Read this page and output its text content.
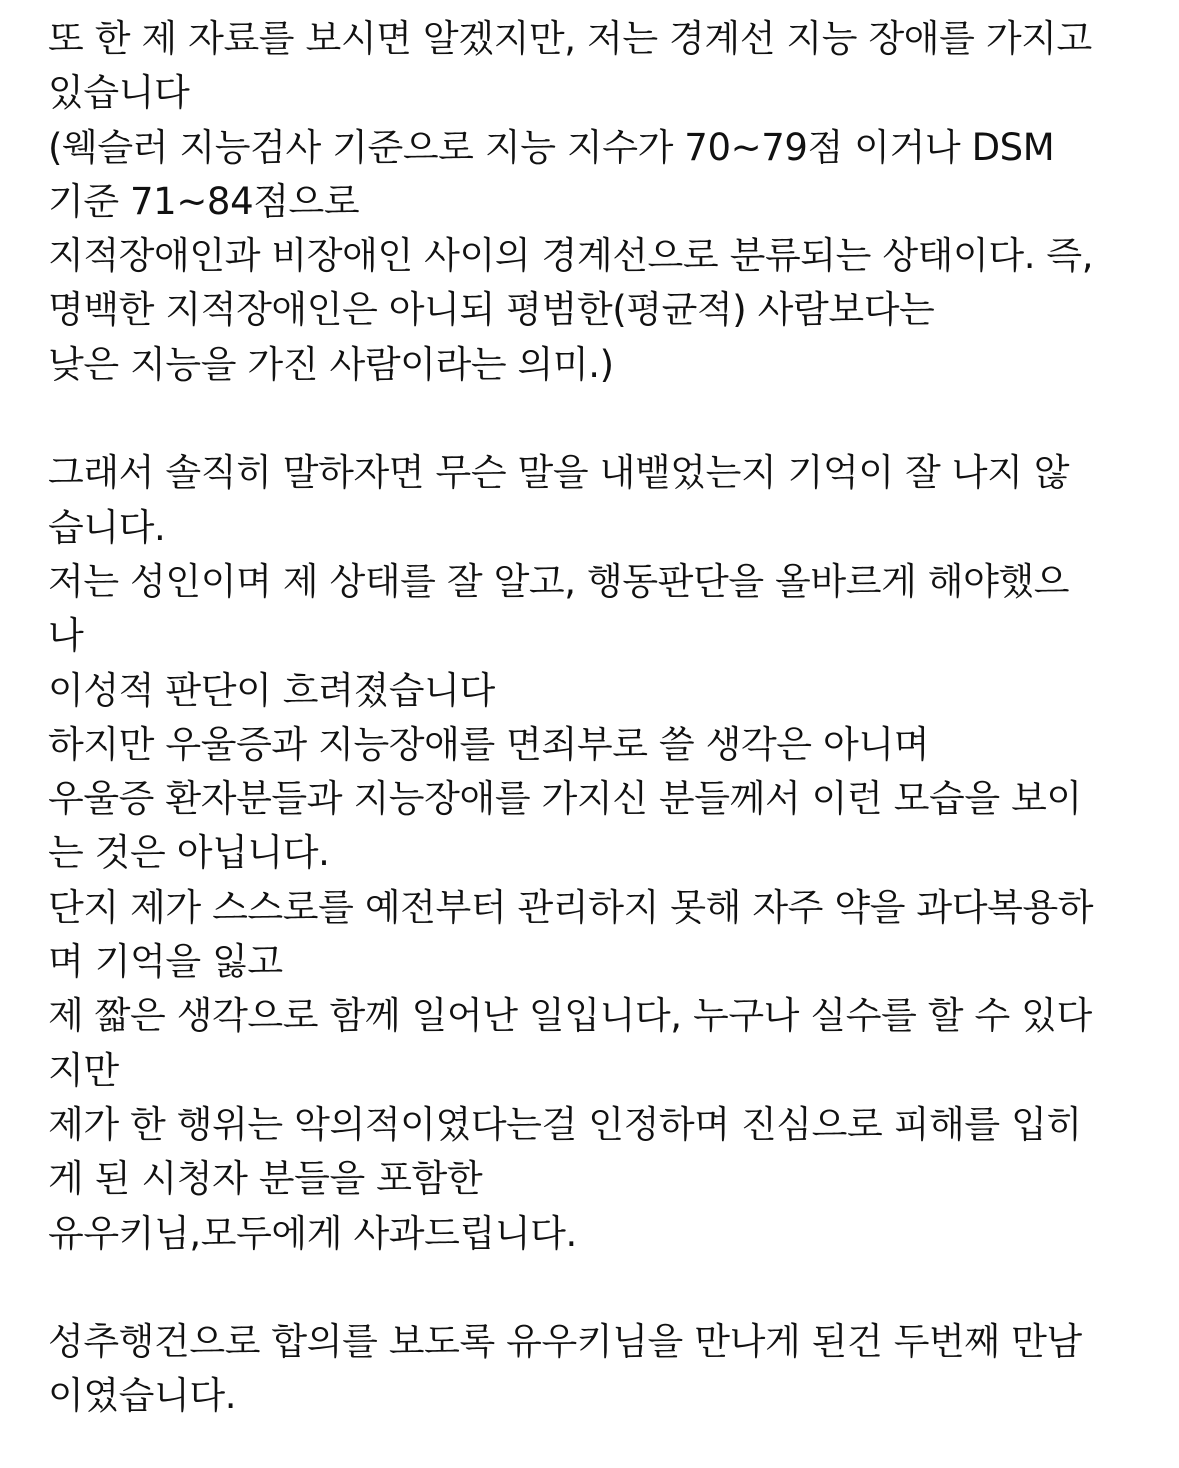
또 한 제 자료를 보시면 알겠지만, 저는 경계선 지능 장애를 가지고
있습니다
(웩슬러 지능검사 기준으로 지능 지수가 70~79점 이거나 DSM
기준 71~84점으로
지적장애인과 비장애인 사이의 경계선으로 분류되는 상태이다. 즉,
명백한 지적장애인은 아니되 평범한(평균적) 사람보다는
낮은 지능을 가진 사람이라는 의미.)
그래서 솔직히 말하자면 무슨 말을 내뱉었는지 기억이 잘 나지 않
습니다.
저는 성인이며 제 상태를 잘 알고, 행동판단을 올바르게 해야했으
나
이성적 판단이 흐려졌습니다
하지만 우울증과 지능장애를 면죄부로 쓸 생각은 아니며
우울증 환자분들과 지능장애를 가지신 분들께서 이런 모습을 보이
는 것은 아닙니다.
단지 제가 스스로를 예전부터 관리하지 못해 자주 약을 과다복용하
며 기억을 잃고
제 짧은 생각으로 함께 일어난 일입니다, 누구나 실수를 할 수 있다
지만
제가 한 행위는 악의적이였다는걸 인정하며 진심으로 피해를 입히
게 된 시청자 분들을 포함한
유우키님,모두에게 사과드립니다.
성추행건으로 합의를 보도록 유우키님을 만나게 된건 두번째 만남
이였습니다.
